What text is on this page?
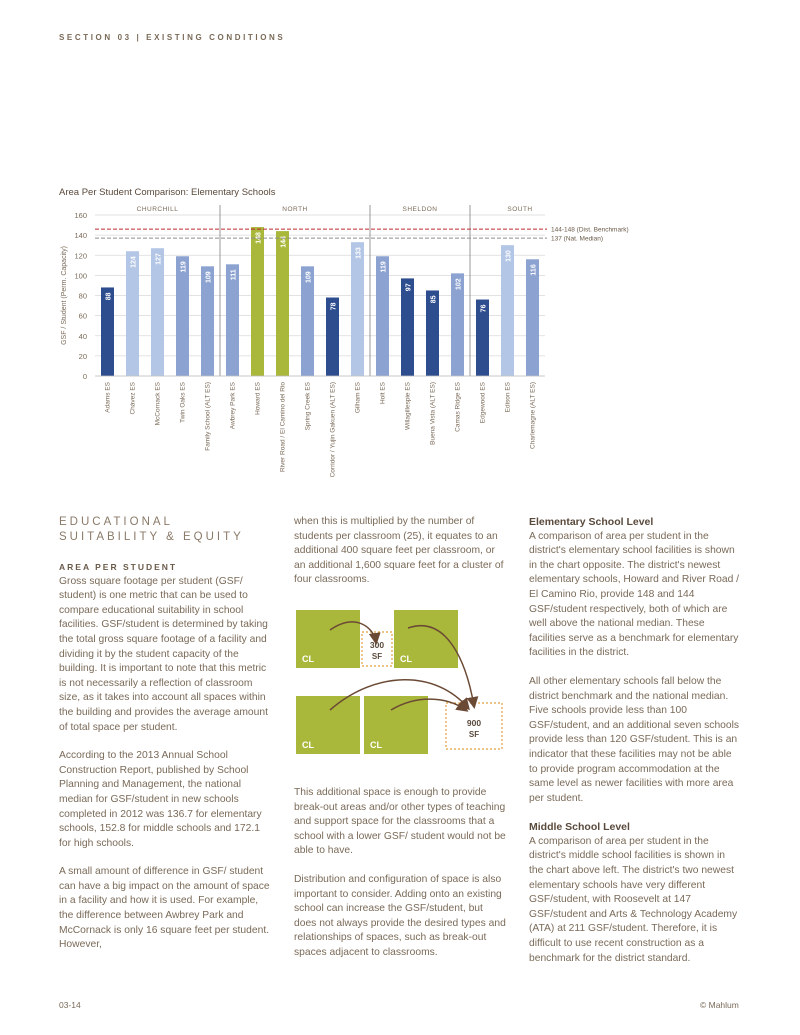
SECTION 03 | EXISTING CONDITIONS
Area Per Student Comparison: Elementary Schools
0
20
40
60
80
100
120
140
160
GSF / Student (Perm. Capacity)
CHURCHILL	NORTH	SHELDON	SOUTH
88
Adams ES
124
Chávez ES
127
McCornack ES
119
Twin Oaks ES
109
Family School (ALT ES)
111
Awbrey Park ES
148
Howard ES
144
River Road / El Camino del Rio
109
Spring Creek ES
78
Corridor / Yujin Gakuen (ALT ES)
133
Gilham ES
119
Holt ES
97
Willagillespie ES
85
Buena Vista (ALT ES)
102
Camas Ridge ES
76
Edgewood ES
130
Edison ES
116
Charlemagne (ALT ES)
144-148 (Dist. Benchmark)
137 (Nat. Median)

EDUCATIONAL SUITABILITY & EQUITY

AREA PER STUDENT

Gross square footage per student (GSF/ student) is one metric that can be used to compare educational suitability in school facilities. GSF/student is determined by taking the total gross square footage of a facility and dividing it by the student capacity of the building. It is important to note that this metric is not necessarily a reflection of classroom size, as it takes into account all spaces within the building and provides the average amount of total space per student.

According to the 2013 Annual School Construction Report, published by School Planning and Management, the national median for GSF/student in new schools completed in 2012 was 136.7 for elementary schools, 152.8 for middle schools and 172.1 for high schools.

A small amount of difference in GSF/ student can have a big impact on the amount of space in a facility and how it is used. For example, the difference between Awbrey Park and McCornack is only 16 square feet per student. However,

when this is multiplied by the number of students per classroom (25), it equates to an additional 400 square feet per classroom, or an additional 1,600 square feet for a cluster of four classrooms.

CL	CL
CL	CL
300
SF
900
SF

This additional space is enough to provide break-out areas and/or other types of teaching and support space for the classrooms that a school with a lower GSF/ student would not be able to have.

Distribution and configuration of space is also important to consider. Adding onto an existing school can increase the GSF/student, but does not always provide the desired types and relationships of spaces, such as break-out spaces adjacent to classrooms.

Elementary School Level

A comparison of area per student in the district's elementary school facilities is shown in the chart opposite. The district's newest elementary schools, Howard and River Road / El Camino Rio, provide 148 and 144 GSF/student respectively, both of which are well above the national median. These facilities serve as a benchmark for elementary facilities in the district.

All other elementary schools fall below the district benchmark and the national median. Five schools provide less than 100 GSF/student, and an additional seven schools provide less than 120 GSF/student. This is an indicator that these facilities may not be able to provide program accommodation at the same level as newer facilities with more area per student.

Middle School Level

A comparison of area per student in the district's middle school facilities is shown in the chart above left. The district's two newest elementary schools have very different GSF/student, with Roosevelt at 147 GSF/student and Arts & Technology Academy (ATA) at 211 GSF/student. Therefore, it is difficult to use recent construction as a benchmark for the district standard.

03-14	© Mahlum
